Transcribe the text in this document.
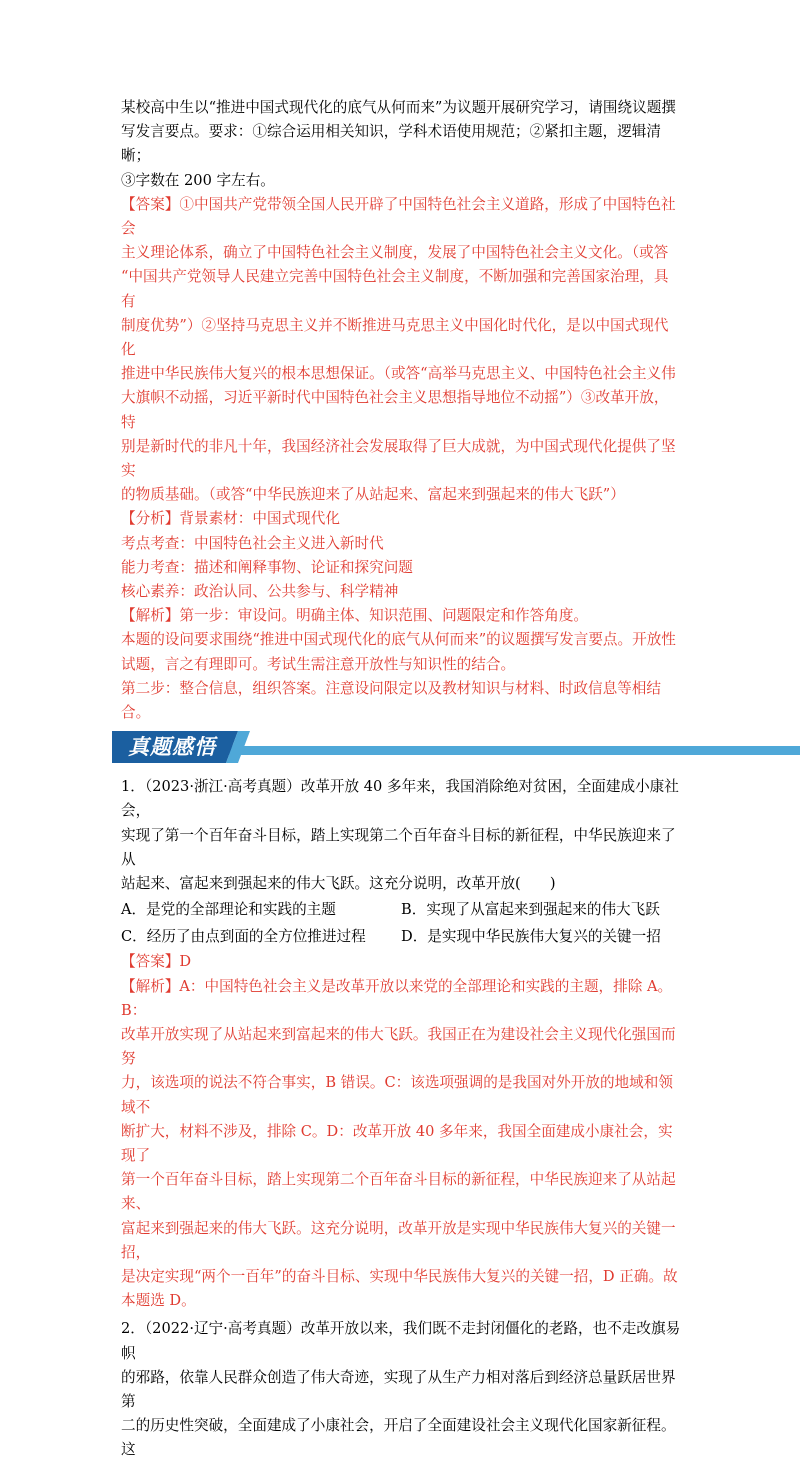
某校高中生以“推进中国式现代化的底气从何而来”为议题开展研究学习，请围绕议题撰

写发言要点。要求：①综合运用相关知识，学科术语使用规范；②紧扣主题，逻辑清晰；

③字数在 200 字左右。

【答案】①中国共产党带领全国人民开辟了中国特色社会主义道路，形成了中国特色社会

主义理论体系，确立了中国特色社会主义制度，发展了中国特色社会主义文化。（或答

“中国共产党领导人民建立完善中国特色社会主义制度，不断加强和完善国家治理，具有

制度优势”）②坚持马克思主义并不断推进马克思主义中国化时代化，是以中国式现代化

推进中华民族伟大复兴的根本思想保证。（或答“高举马克思主义、中国特色社会主义伟

大旗帜不动摇，习近平新时代中国特色社会主义思想指导地位不动摇”）③改革开放，特

别是新时代的非凡十年，我国经济社会发展取得了巨大成就，为中国式现代化提供了坚实

的物质基础。（或答“中华民族迎来了从站起来、富起来到强起来的伟大飞跃”）

【分析】背景素材：中国式现代化

考点考查：中国特色社会主义进入新时代

能力考查：描述和阐释事物、论证和探究问题

核心素养：政治认同、公共参与、科学精神

【解析】第一步：审设问。明确主体、知识范围、问题限定和作答角度。

本题的设问要求围绕“推进中国式现代化的底气从何而来”的议题撰写发言要点。开放性

试题，言之有理即可。考试生需注意开放性与知识性的结合。

第二步：整合信息，组织答案。注意设问限定以及教材知识与材料、时政信息等相结合。

真题感悟

1．（2023·浙江·高考真题）改革开放 40 多年来，我国消除绝对贫困，全面建成小康社会，

实现了第一个百年奋斗目标，踏上实现第二个百年奋斗目标的新征程，中华民族迎来了从

站起来、富起来到强起来的伟大飞跃。这充分说明，改革开放(　　)

A．是党的全部理论和实践的主题	B．实现了从富起来到强起来的伟大飞跃
C．经历了由点到面的全方位推进过程	D．是实现中华民族伟大复兴的关键一招

【答案】D

【解析】A：中国特色社会主义是改革开放以来党的全部理论和实践的主题，排除 A。B：

改革开放实现了从站起来到富起来的伟大飞跃。我国正在为建设社会主义现代化强国而努

力，该选项的说法不符合事实，B 错误。C：该选项强调的是我国对外开放的地域和领域不

断扩大，材料不涉及，排除 C。D：改革开放 40 多年来，我国全面建成小康社会，实现了

第一个百年奋斗目标，踏上实现第二个百年奋斗目标的新征程，中华民族迎来了从站起来、

富起来到强起来的伟大飞跃。这充分说明，改革开放是实现中华民族伟大复兴的关键一招，

是决定实现“两个一百年”的奋斗目标、实现中华民族伟大复兴的关键一招，D 正确。故

本题选 D。

2．（2022·辽宁·高考真题）改革开放以来，我们既不走封闭僵化的老路，也不走改旗易帜

的邪路，依靠人民群众创造了伟大奇迹，实现了从生产力相对落后到经济总量跃居世界第

二的历史性突破，全面建成了小康社会，开启了全面建设社会主义现代化国家新征程。这
